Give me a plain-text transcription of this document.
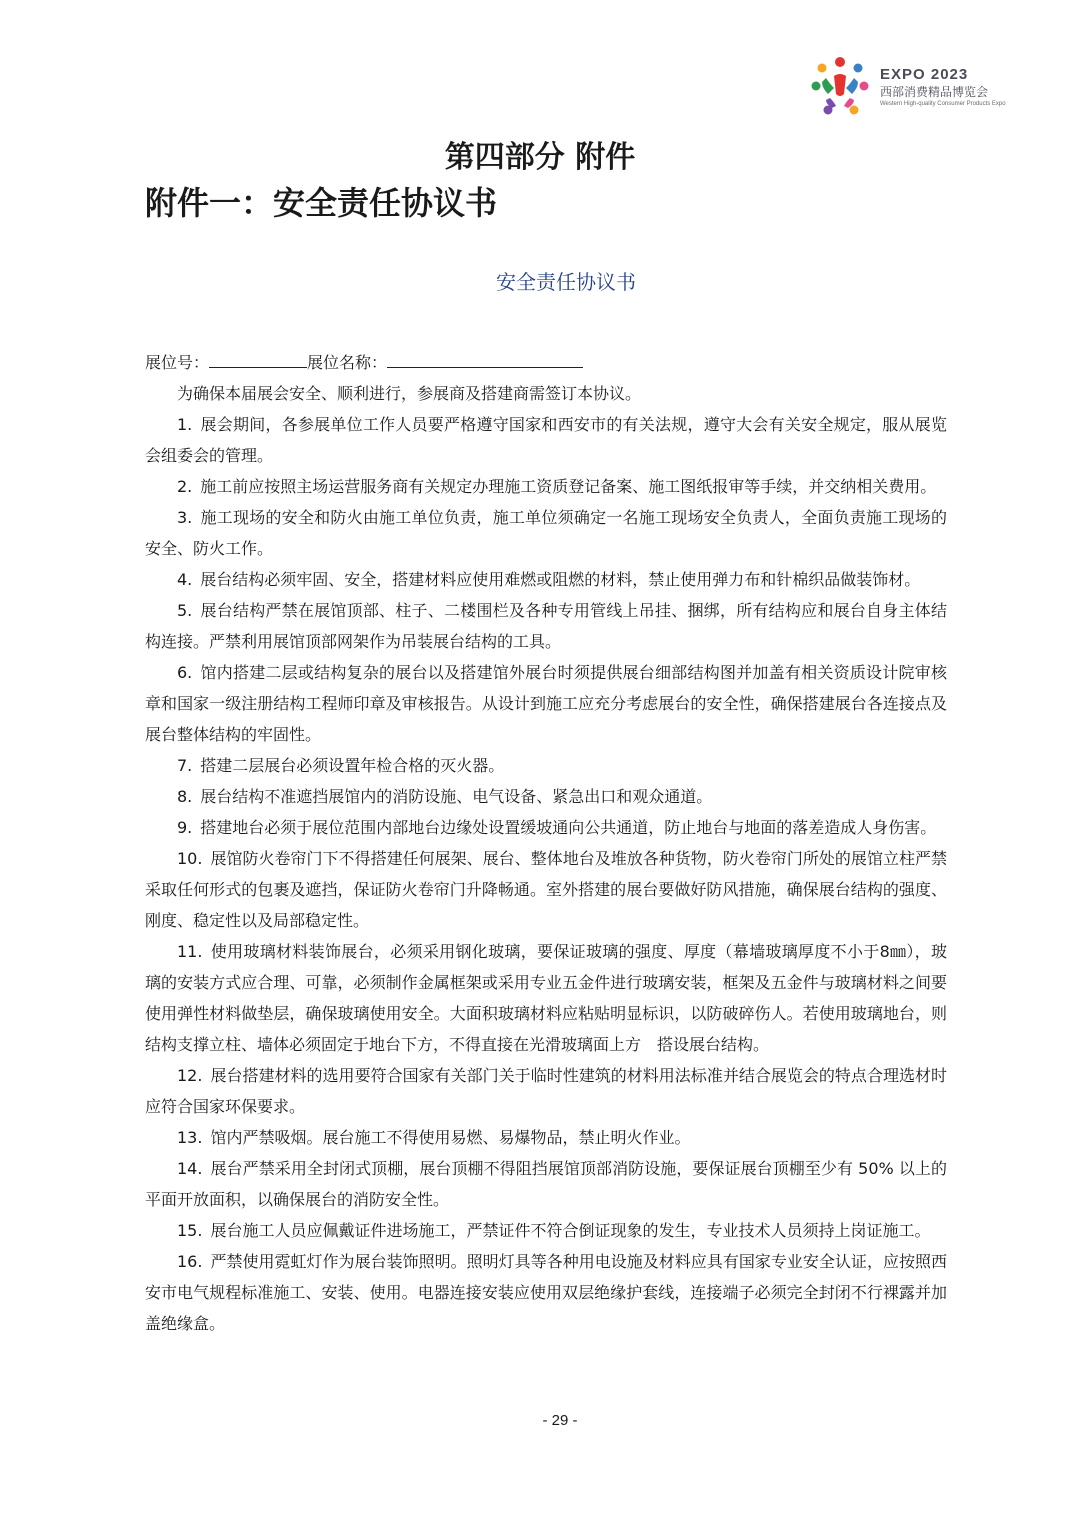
EXPO 2023
西部消费精品博览会
Western High-quality Consumer Products Expo
第四部分 附件
附件一：安全责任协议书
安全责任协议书
展位号：	展位名称：

为确保本届展会安全、顺利进行，参展商及搭建商需签订本协议。

1. 展会期间，各参展单位工作人员要严格遵守国家和西安市的有关法规，遵守大会有关安全规定，服从展览会组委会的管理。

2. 施工前应按照主场运营服务商有关规定办理施工资质登记备案、施工图纸报审等手续，并交纳相关费用。

3. 施工现场的安全和防火由施工单位负责，施工单位须确定一名施工现场安全负责人，全面负责施工现场的安全、防火工作。

4. 展台结构必须牢固、安全，搭建材料应使用难燃或阻燃的材料，禁止使用弹力布和针棉织品做装饰材。

5. 展台结构严禁在展馆顶部、柱子、二楼围栏及各种专用管线上吊挂、捆绑，所有结构应和展台自身主体结构连接。严禁利用展馆顶部网架作为吊装展台结构的工具。

6. 馆内搭建二层或结构复杂的展台以及搭建馆外展台时须提供展台细部结构图并加盖有相关资质设计院审核章和国家一级注册结构工程师印章及审核报告。从设计到施工应充分考虑展台的安全性，确保搭建展台各连接点及展台整体结构的牢固性。

7. 搭建二层展台必须设置年检合格的灭火器。

8. 展台结构不准遮挡展馆内的消防设施、电气设备、紧急出口和观众通道。

9. 搭建地台必须于展位范围内部地台边缘处设置缓坡通向公共通道，防止地台与地面的落差造成人身伤害。

10. 展馆防火卷帘门下不得搭建任何展架、展台、整体地台及堆放各种货物，防火卷帘门所处的展馆立柱严禁采取任何形式的包裹及遮挡，保证防火卷帘门升降畅通。室外搭建的展台要做好防风措施，确保展台结构的强度、刚度、稳定性以及局部稳定性。

11. 使用玻璃材料装饰展台，必须采用钢化玻璃，要保证玻璃的强度、厚度（幕墙玻璃厚度不小于8㎜），玻璃的安装方式应合理、可靠，必须制作金属框架或采用专业五金件进行玻璃安装，框架及五金件与玻璃材料之间要使用弹性材料做垫层，确保玻璃使用安全。大面积玻璃材料应粘贴明显标识，以防破碎伤人。若使用玻璃地台，则结构支撑立柱、墙体必须固定于地台下方，不得直接在光滑玻璃面上方　搭设展台结构。

12. 展台搭建材料的选用要符合国家有关部门关于临时性建筑的材料用法标准并结合展览会的特点合理选材时应符合国家环保要求。

13. 馆内严禁吸烟。展台施工不得使用易燃、易爆物品，禁止明火作业。

14. 展台严禁采用全封闭式顶棚，展台顶棚不得阻挡展馆顶部消防设施，要保证展台顶棚至少有 50% 以上的平面开放面积，以确保展台的消防安全性。

15. 展台施工人员应佩戴证件进场施工，严禁证件不符合倒证现象的发生，专业技术人员须持上岗证施工。

16. 严禁使用霓虹灯作为展台装饰照明。照明灯具等各种用电设施及材料应具有国家专业安全认证，应按照西安市电气规程标准施工、安装、使用。电器连接安装应使用双层绝缘护套线，连接端子必须完全封闭不行裸露并加盖绝缘盒。

- 29 -
